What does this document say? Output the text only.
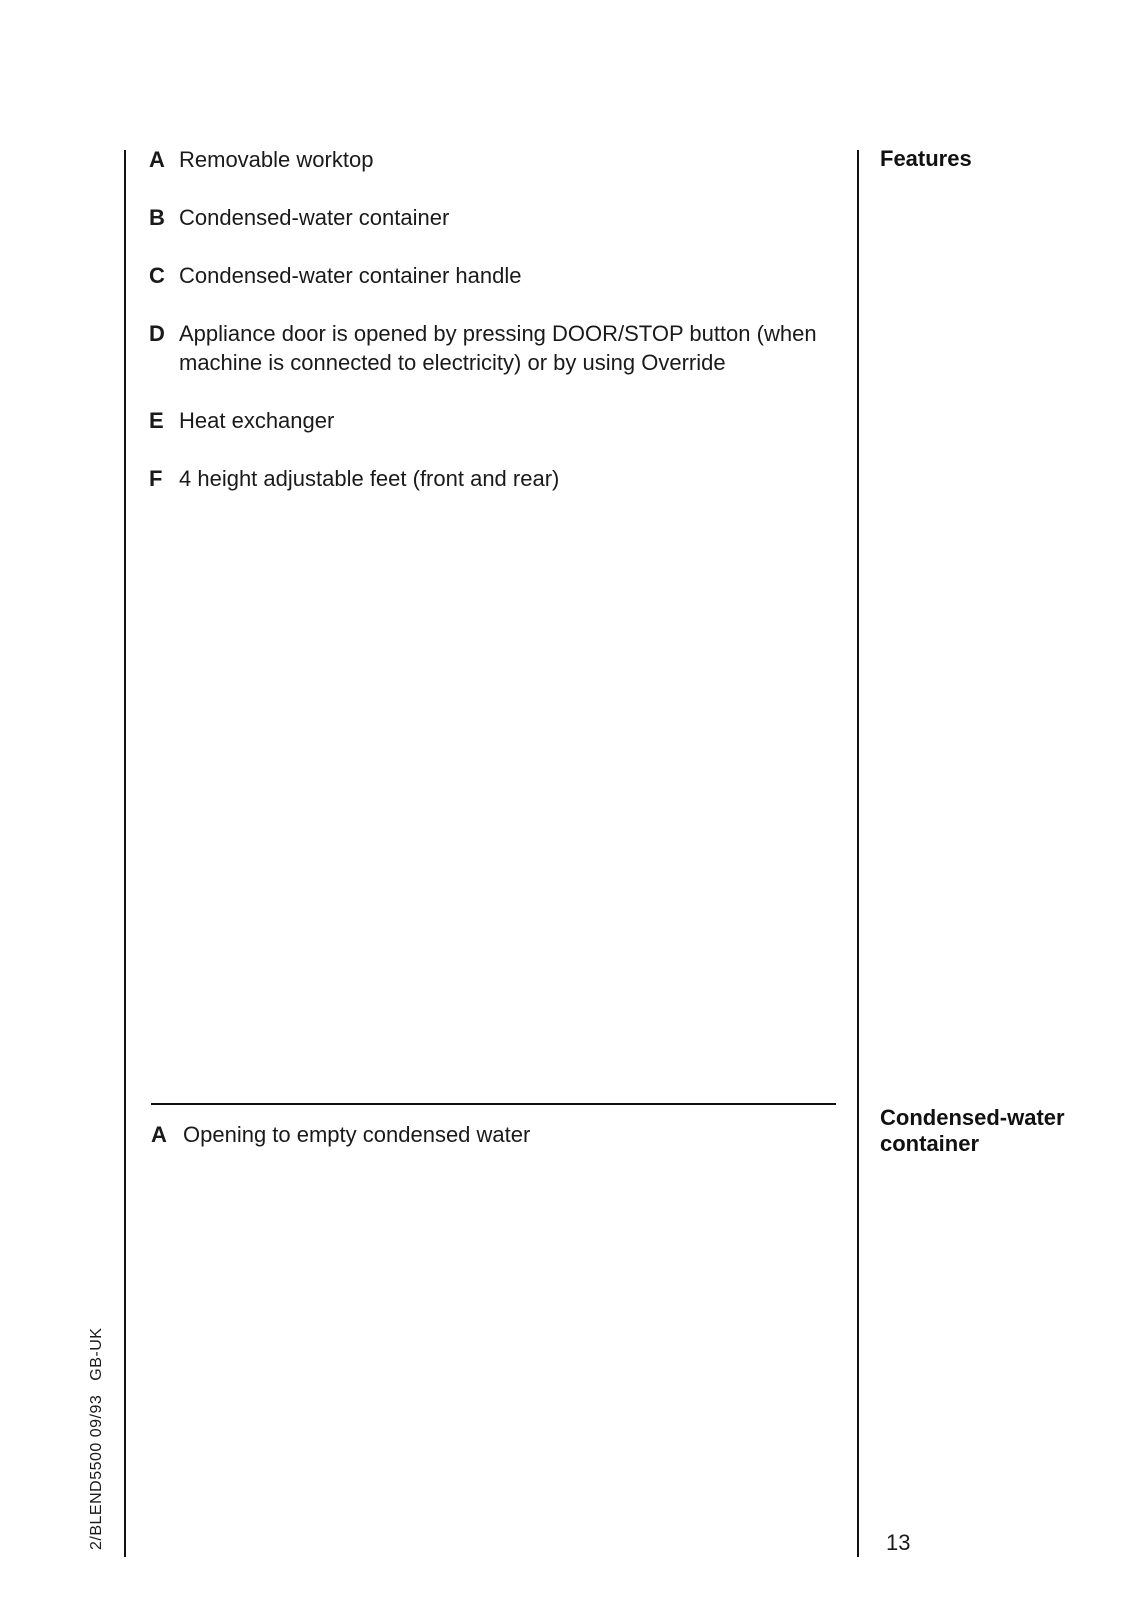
A Removable worktop
B Condensed-water container
C Condensed-water container handle
D Appliance door is opened by pressing DOOR/STOP button (when machine is connected to electricity) or by using Override
E Heat exchanger
F 4 height adjustable feet (front and rear)
Features
A Opening to empty condensed water
Condensed-water container
13
2/BLEND5500 09/93GB-UK
